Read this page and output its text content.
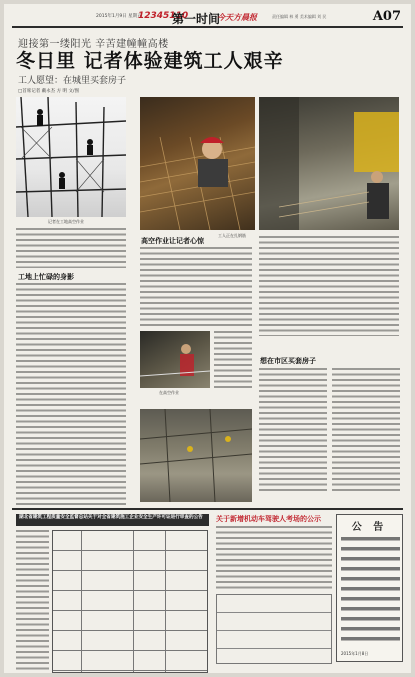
2015年1月9日 星期五
12345110
第一时间
今天方晨报	责任编辑 林 勇 美术编辑 刘 民	A07
迎接第一缕阳光 辛苦建幢幢高楼
冬日里 记者体验建筑工人艰辛
工人愿望：在城里买套房子
□首席记者 戴永杰 方 明 文/图
记者在工地高空作业
工人正在扎钢筋
工地上忙碌的身影
高空作业让记者心惊
在高空作业
想在市区买套房子
湖北省建筑工程质量安全监督总站关于对全省建筑施工企业安全生产许可证进行审查的公告	关于新增机动车驾驶人考场的公示
公 告
2015年1月8日
